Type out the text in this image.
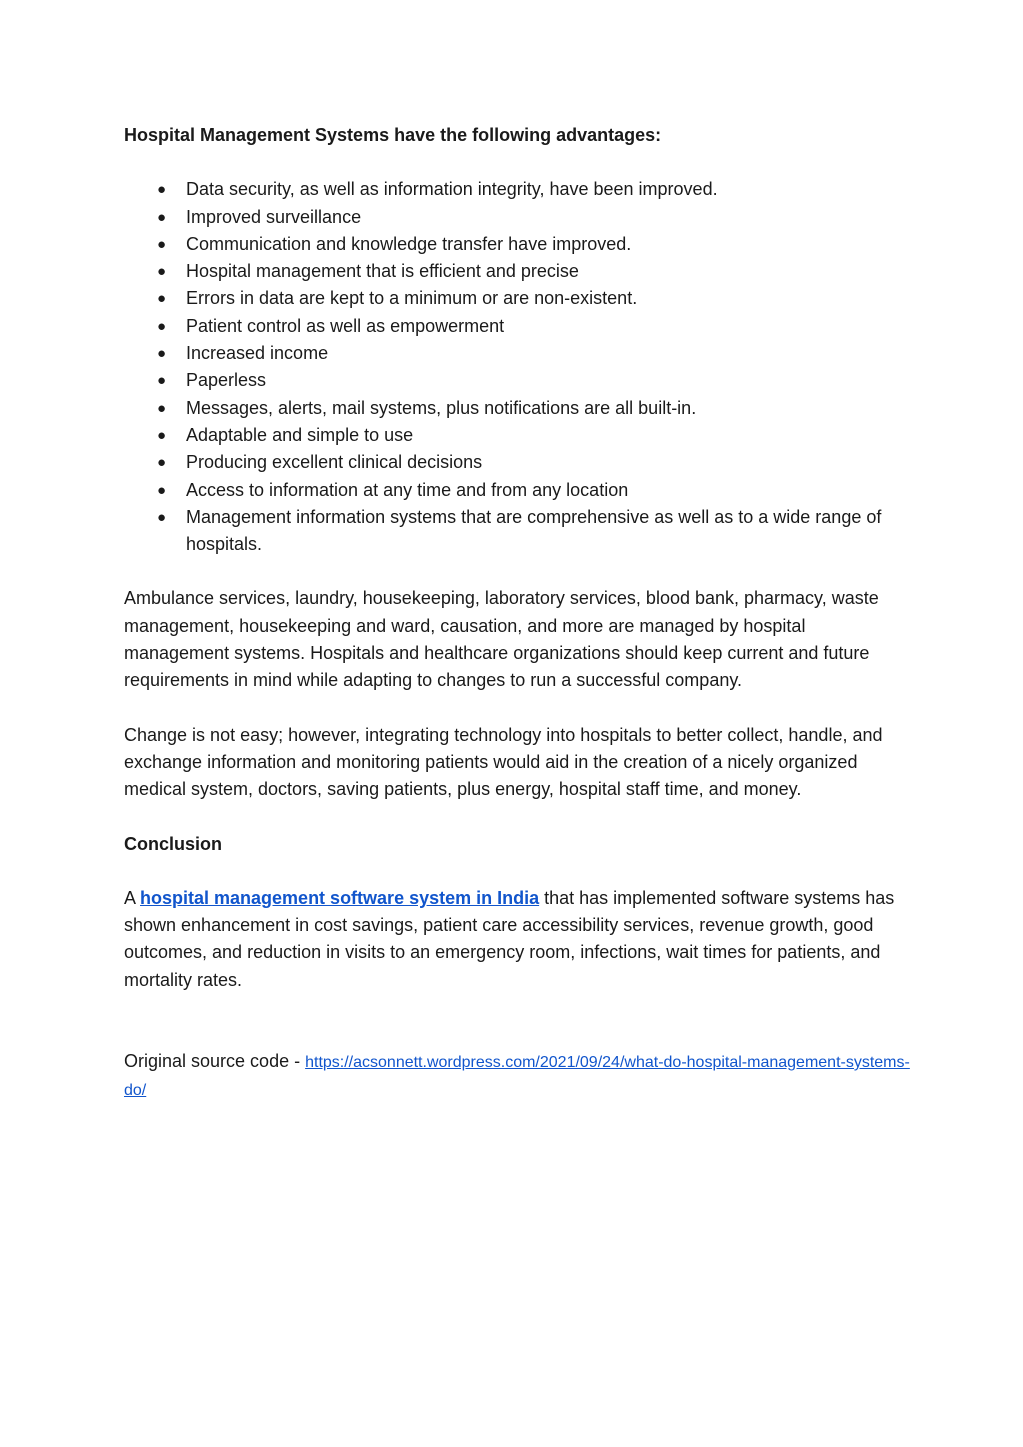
Hospital Management Systems have the following advantages:

● Data security, as well as information integrity, have been improved.
● Improved surveillance
● Communication and knowledge transfer have improved.
● Hospital management that is efficient and precise
● Errors in data are kept to a minimum or are non-existent.
● Patient control as well as empowerment
● Increased income
● Paperless
● Messages, alerts, mail systems, plus notifications are all built-in.
● Adaptable and simple to use
● Producing excellent clinical decisions
● Access to information at any time and from any location
● Management information systems that are comprehensive as well as to a wide range of hospitals.

Ambulance services, laundry, housekeeping, laboratory services, blood bank, pharmacy, waste management, housekeeping and ward, causation, and more are managed by hospital management systems. Hospitals and healthcare organizations should keep current and future requirements in mind while adapting to changes to run a successful company.

Change is not easy; however, integrating technology into hospitals to better collect, handle, and exchange information and monitoring patients would aid in the creation of a nicely organized medical system, doctors, saving patients, plus energy, hospital staff time, and money.

Conclusion

A hospital management software system in India that has implemented software systems has shown enhancement in cost savings, patient care accessibility services, revenue growth, good outcomes, and reduction in visits to an emergency room, infections, wait times for patients, and mortality rates.

Original source code - https://acsonnett.wordpress.com/2021/09/24/what-do-hospital-management-systems-do/
